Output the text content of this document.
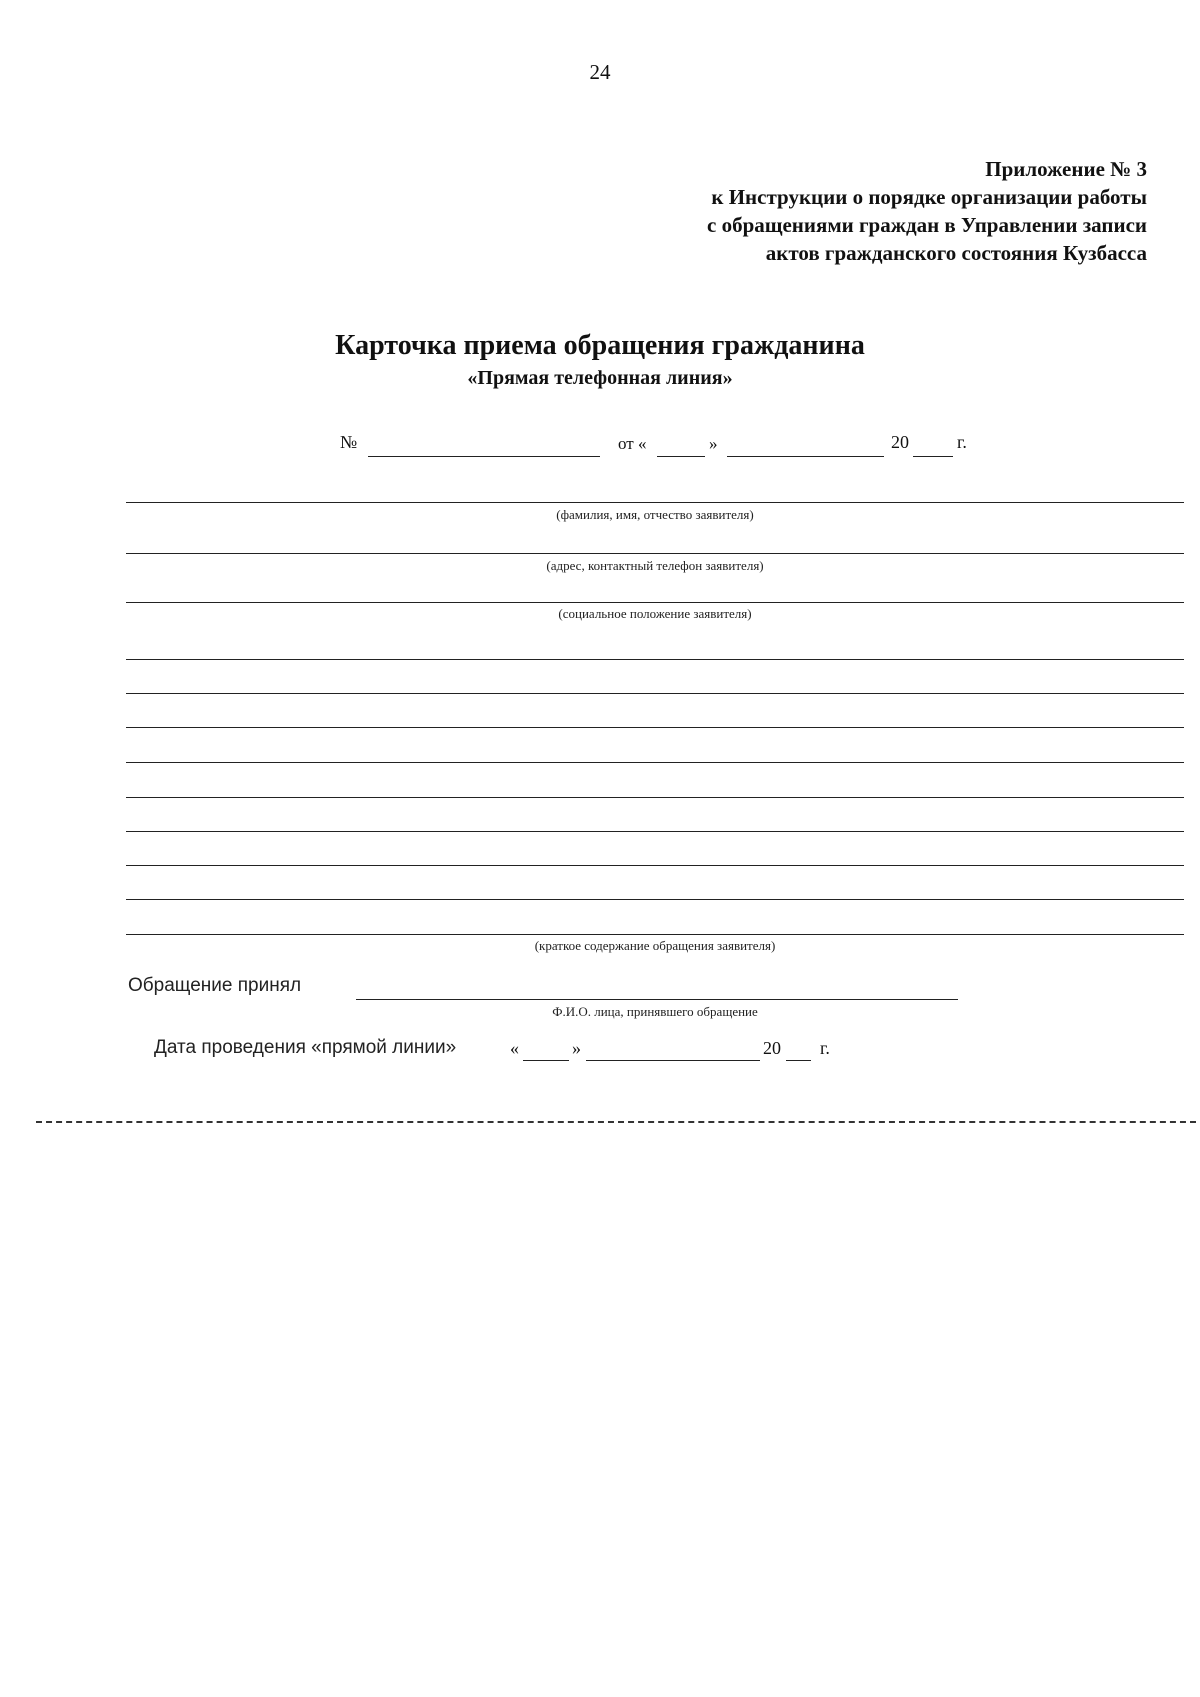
24
Приложение № 3
к Инструкции о порядке организации работы
с обращениями граждан в Управлении записи
актов гражданского состояния Кузбасса
Карточка приема обращения гражданина
«Прямая телефонная линия»
№	от «	»	20	г.
(фамилия, имя, отчество заявителя)
(адрес, контактный телефон заявителя)
(социальное положение заявителя)
(краткое содержание обращения заявителя)
Обращение принял
Ф.И.О. лица, принявшего обращение
Дата проведения «прямой линии»	«	»	20 г.
